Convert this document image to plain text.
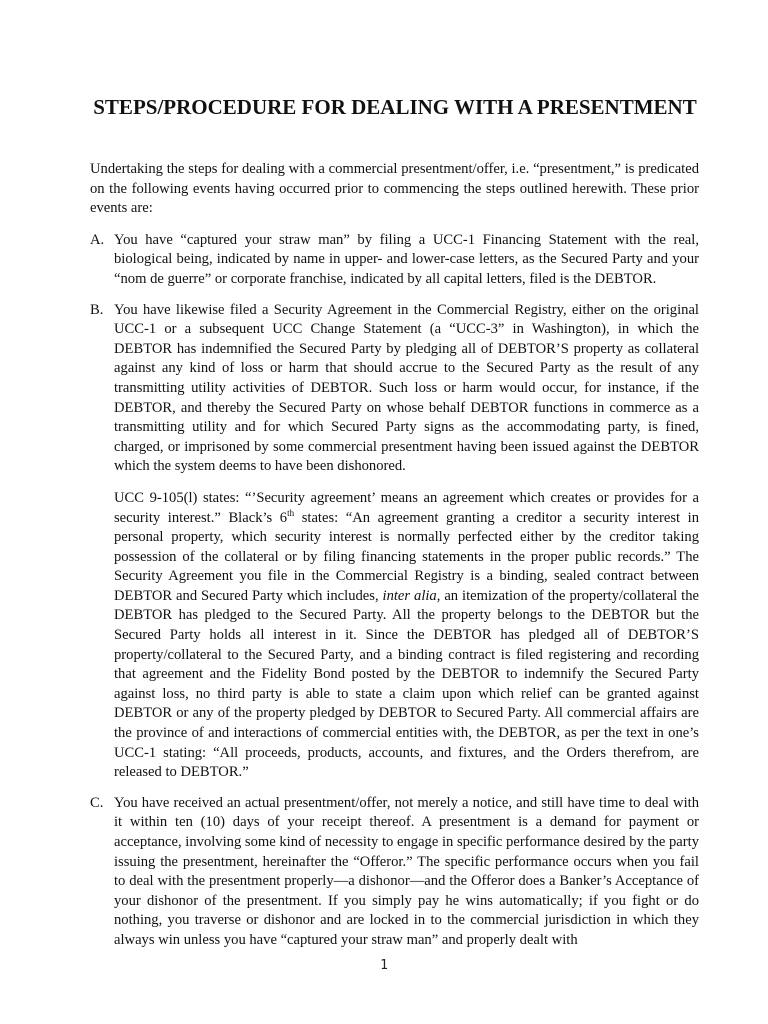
STEPS/PROCEDURE FOR DEALING WITH A PRESENTMENT

Undertaking the steps for dealing with a commercial presentment/offer, i.e. “presentment,” is predicated on the following events having occurred prior to commencing the steps outlined herewith. These prior events are:

A. You have “captured your straw man” by filing a UCC-1 Financing Statement with the real, biological being, indicated by name in upper- and lower-case letters, as the Secured Party and your “nom de guerre” or corporate franchise, indicated by all capital letters, filed is the DEBTOR.

B. You have likewise filed a Security Agreement in the Commercial Registry, either on the original UCC-1 or a subsequent UCC Change Statement (a “UCC-3” in Washington), in which the DEBTOR has indemnified the Secured Party by pledging all of DEBTOR’S property as collateral against any kind of loss or harm that should accrue to the Secured Party as the result of any transmitting utility activities of DEBTOR. Such loss or harm would occur, for instance, if the DEBTOR, and thereby the Secured Party on whose behalf DEBTOR functions in commerce as a transmitting utility and for which Secured Party signs as the accommodating party, is fined, charged, or imprisoned by some commercial presentment having been issued against the DEBTOR which the system deems to have been dishonored.

UCC 9-105(l) states: “’Security agreement’ means an agreement which creates or provides for a security interest.” Black’s 6th states: “An agreement granting a creditor a security interest in personal property, which security interest is normally perfected either by the creditor taking possession of the collateral or by filing financing statements in the proper public records.” The Security Agreement you file in the Commercial Registry is a binding, sealed contract between DEBTOR and Secured Party which includes, inter alia, an itemization of the property/collateral the DEBTOR has pledged to the Secured Party. All the property belongs to the DEBTOR but the Secured Party holds all interest in it. Since the DEBTOR has pledged all of DEBTOR’S property/collateral to the Secured Party, and a binding contract is filed registering and recording that agreement and the Fidelity Bond posted by the DEBTOR to indemnify the Secured Party against loss, no third party is able to state a claim upon which relief can be granted against DEBTOR or any of the property pledged by DEBTOR to Secured Party. All commercial affairs are the province of and interactions of commercial entities with, the DEBTOR, as per the text in one’s UCC-1 stating: “All proceeds, products, accounts, and fixtures, and the Orders therefrom, are released to DEBTOR.”

C. You have received an actual presentment/offer, not merely a notice, and still have time to deal with it within ten (10) days of your receipt thereof. A presentment is a demand for payment or acceptance, involving some kind of necessity to engage in specific performance desired by the party issuing the presentment, hereinafter the “Offeror.” The specific performance occurs when you fail to deal with the presentment properly—a dishonor—and the Offeror does a Banker’s Acceptance of your dishonor of the presentment. If you simply pay he wins automatically; if you fight or do nothing, you traverse or dishonor and are locked in to the commercial jurisdiction in which they always win unless you have “captured your straw man” and properly dealt with

1
